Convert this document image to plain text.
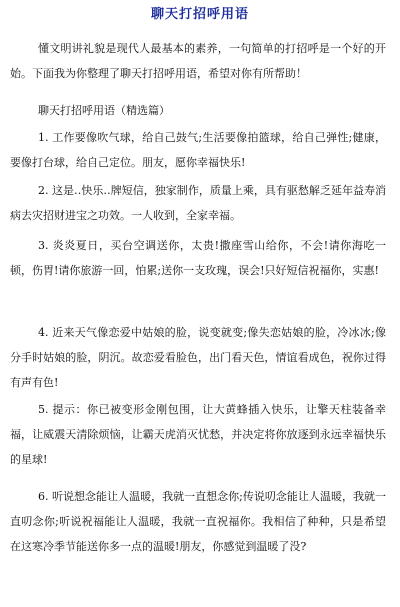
聊天打招呼用语

懂文明讲礼貌是现代人最基本的素养，一句简单的打招呼是一个好的开始。下面我为你整理了聊天打招呼用语，希望对你有所帮助！

聊天打招呼用语（精选篇）

1. 工作要像吹气球，给自己鼓气;生活要像拍篮球，给自己弹性;健康，要像打台球，给自己定位。朋友，愿你幸福快乐!

2. 这是‥快乐‥牌短信，独家制作，质量上乘，具有驱愁解乏延年益寿消病去灾招财进宝之功效。一人收到，全家幸福。

3. 炎炎夏日，买台空调送你，太贵!撒座雪山给你，不会!请你海吃一顿，伤胃!请你旅游一回，怕累;送你一支玫瑰，误会!只好短信祝福你，实惠!

4. 近来天气像恋爱中姑娘的脸，说变就变;像失恋姑娘的脸，冷冰冰;像分手时姑娘的脸，阴沉。故恋爱看脸色，出门看天色，情谊看成色，祝你过得有声有色!

5. 提示：你已被变形金刚包围，让大黄蜂插入快乐，让擎天柱装备幸福，让威震天清除烦恼，让霸天虎消灭忧愁，并决定将你放逐到永远幸福快乐的星球!

6. 听说想念能让人温暖，我就一直想念你;传说叨念能让人温暖，我就一直叨念你;听说祝福能让人温暖，我就一直祝福你。我相信了种种，只是希望在这寒冷季节能送你多一点的温暖!朋友，你感觉到温暖了没?
